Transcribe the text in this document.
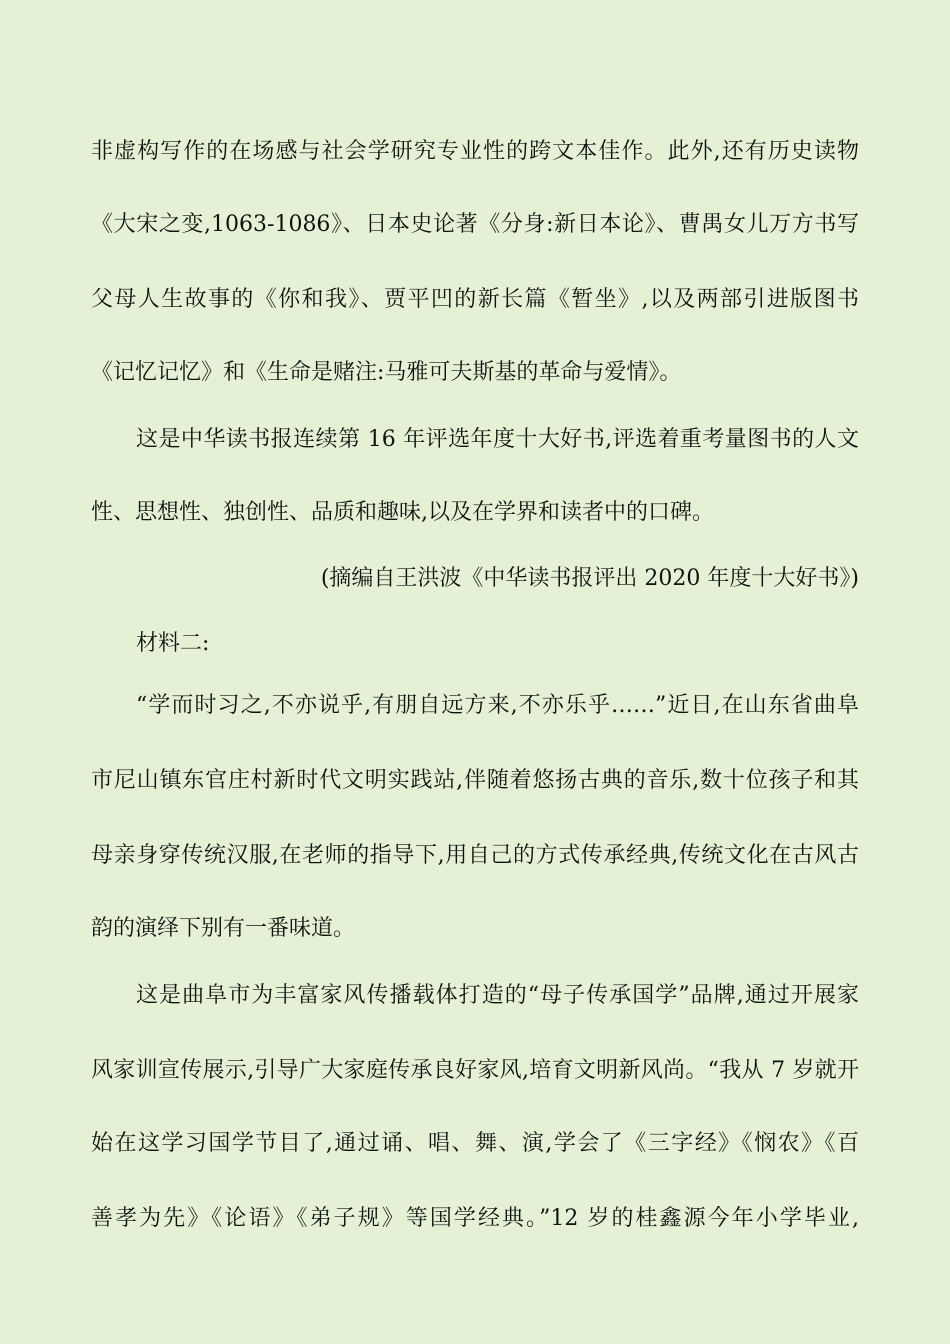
非虚构写作的在场感与社会学研究专业性的跨文本佳作。此外,还有历史读物
《大宋之变,1063-1086》、日本史论著《分身:新日本论》、曹禺女儿万方书写
父母人生故事的《你和我》、贾平凹的新长篇《暂坐》,以及两部引进版图书
《记忆记忆》和《生命是赌注:马雅可夫斯基的革命与爱情》。
这是中华读书报连续第 16 年评选年度十大好书,评选着重考量图书的人文
性、思想性、独创性、品质和趣味,以及在学界和读者中的口碑。
(摘编自王洪波《中华读书报评出 2020 年度十大好书》)
材料二:
“学而时习之,不亦说乎,有朋自远方来,不亦乐乎……”近日,在山东省曲阜
市尼山镇东官庄村新时代文明实践站,伴随着悠扬古典的音乐,数十位孩子和其
母亲身穿传统汉服,在老师的指导下,用自己的方式传承经典,传统文化在古风古
韵的演绎下别有一番味道。
这是曲阜市为丰富家风传播载体打造的“母子传承国学”品牌,通过开展家
风家训宣传展示,引导广大家庭传承良好家风,培育文明新风尚。“我从 7 岁就开
始在这学习国学节目了,通过诵、唱、舞、演,学会了《三字经》《悯农》《百
善孝为先》《论语》《弟子规》等国学经典。”12 岁的桂鑫源今年小学毕业,
